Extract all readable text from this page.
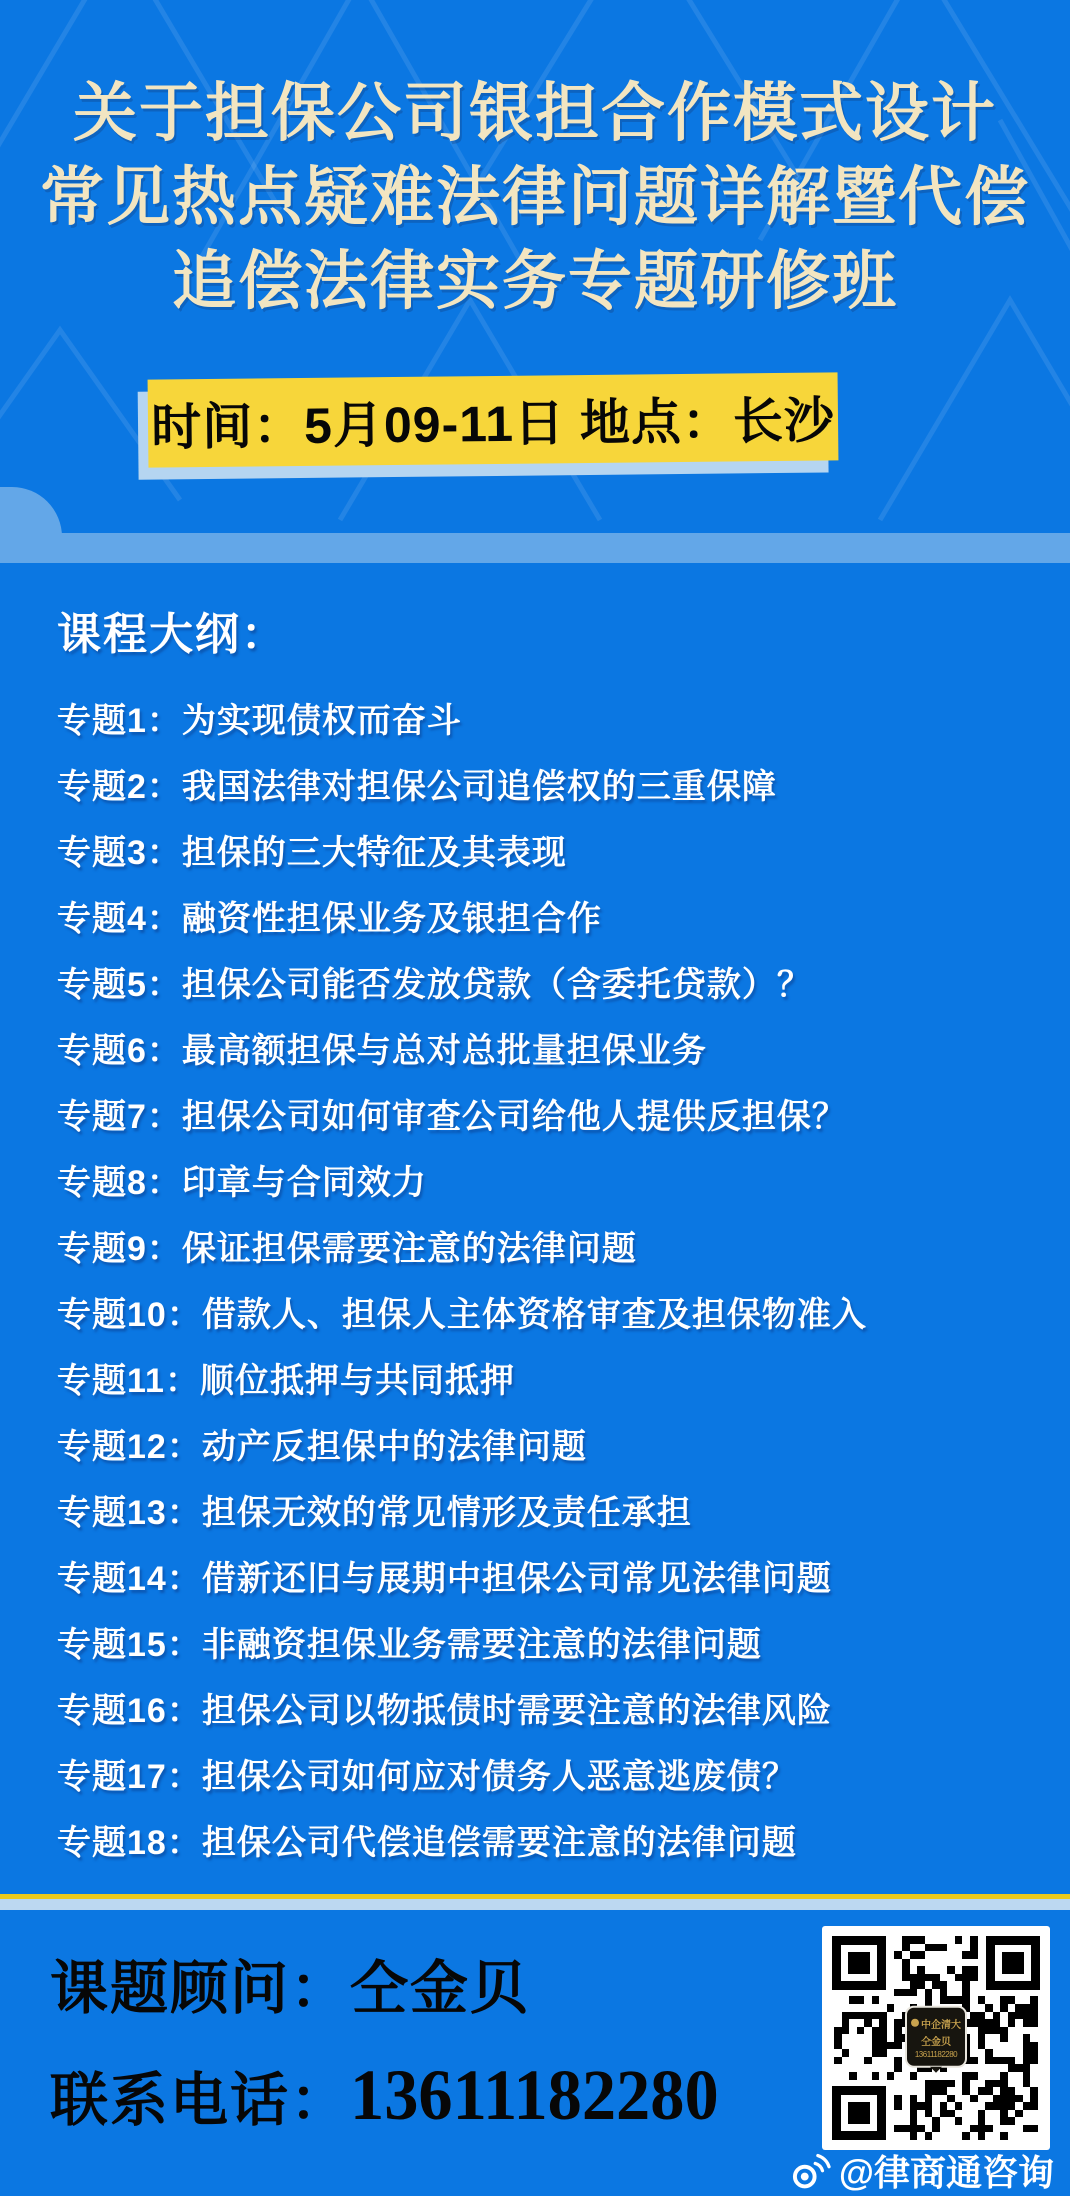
关于担保公司银担合作模式设计
常见热点疑难法律问题详解暨代偿
追偿法律实务专题研修班
时间：5月09-11日 地点：长沙
课程大纲：
专题1：为实现债权而奋斗
专题2：我国法律对担保公司追偿权的三重保障
专题3：担保的三大特征及其表现
专题4：融资性担保业务及银担合作
专题5：担保公司能否发放贷款（含委托贷款）？
专题6：最高额担保与总对总批量担保业务
专题7：担保公司如何审查公司给他人提供反担保？
专题8：印章与合同效力
专题9：保证担保需要注意的法律问题
专题10：借款人、担保人主体资格审查及担保物准入
专题11：顺位抵押与共同抵押
专题12：动产反担保中的法律问题
专题13：担保无效的常见情形及责任承担
专题14：借新还旧与展期中担保公司常见法律问题
专题15：非融资担保业务需要注意的法律问题
专题16：担保公司以物抵债时需要注意的法律风险
专题17：担保公司如何应对债务人恶意逃废债？
专题18：担保公司代偿追偿需要注意的法律问题
课题顾问： 仝金贝
联系电话： 13611182280
中企清大
仝金贝
13611182280
@律商通咨询
